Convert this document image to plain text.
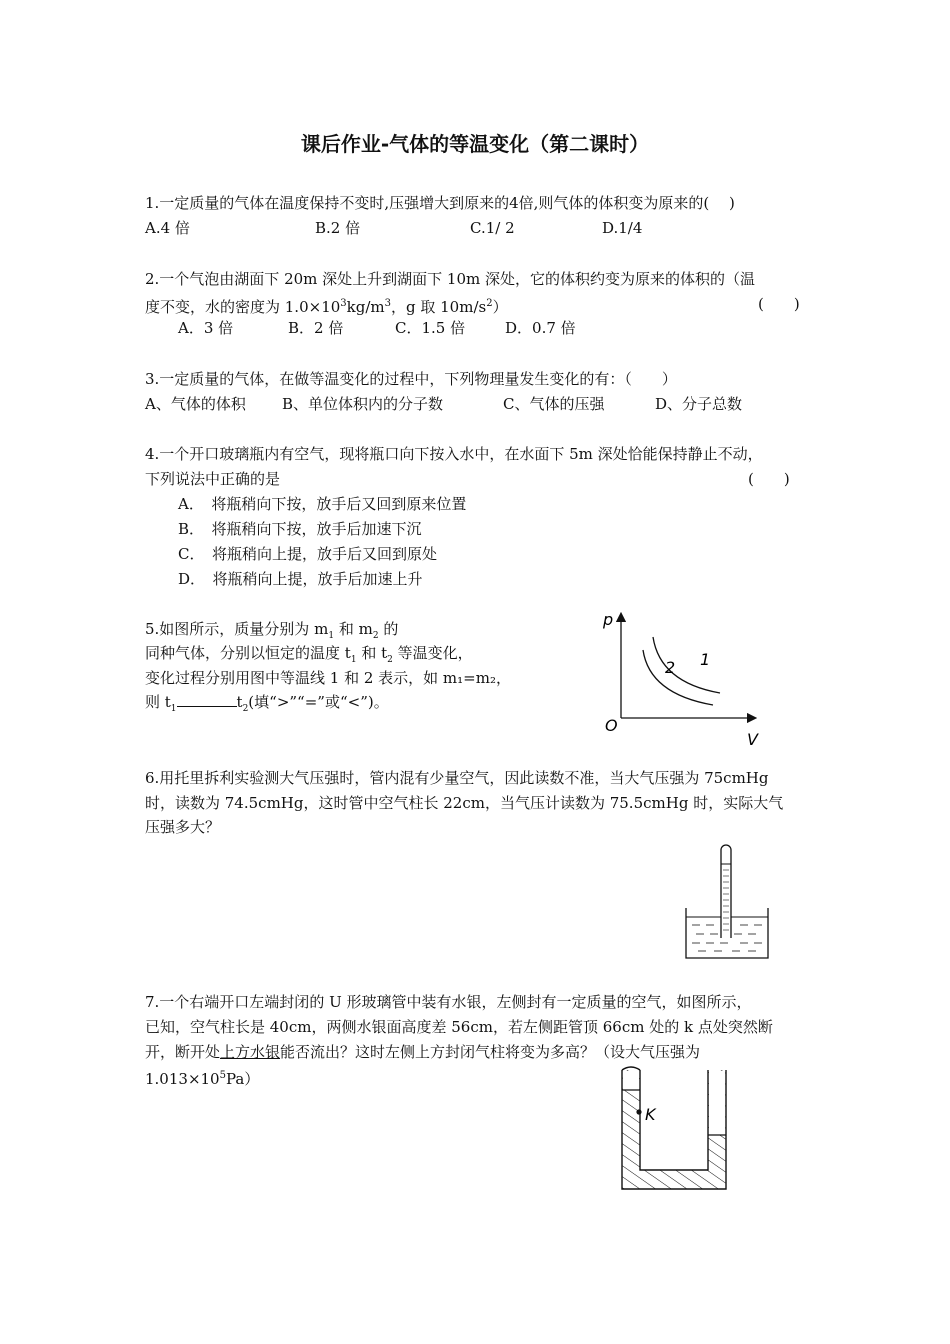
课后作业-气体的等温变化（第二课时）
1.一定质量的气体在温度保持不变时,压强增大到原来的4倍,则气体的体积变为原来的(　 )
A.4 倍	B.2 倍	C.1/ 2	D.1/4
2.一个气泡由湖面下 20m 深处上升到湖面下 10m 深处，它的体积约变为原来的体积的（温
度不变，水的密度为 $1.0\times 10^3kg/m^3$，g 取 $10m/s^2$）	(　　)
A．3 倍	B．2 倍	C．1.5 倍	D．0.7 倍
3.一定质量的气体，在做等温变化的过程中，下列物理量发生变化的有：（　　）
A、气体的体积 B、单位体积内的分子数	C、气体的压强	D、分子总数
4.一个开口玻璃瓶内有空气，现将瓶口向下按入水中，在水面下 5m 深处恰能保持静止不动，
下列说法中正确的是	(　　)
A．　将瓶稍向下按，放手后又回到原来位置
B．　将瓶稍向下按，放手后加速下沉
C．　将瓶稍向上提，放手后又回到原处
D．　将瓶稍向上提，放手后加速上升
5.如图所示，质量分别为 $m_1$ 和 $m_2$ 的
同种气体，分别以恒定的温度 $t_1$ 和 $t_2$ 等温变化，
变化过程分别用图中等温线 1 和 2 表示，如 m₁=m₂，
则 $t_1$	$t_2$(填“>”“=”或“<”)。
p
V
O
1
2
6.用托里拆利实验测大气压强时，管内混有少量空气，因此读数不准，当大气压强为 75cmHg
时，读数为 74.5cmHg，这时管中空气柱长 22cm，当气压计读数为 75.5cmHg 时，实际大气
压强多大？
7.一个右端开口左端封闭的 U 形玻璃管中装有水银，左侧封有一定质量的空气，如图所示，
已知，空气柱长是 40cm，两侧水银面高度差 56cm，若左侧距管顶 66cm 处的 k 点处突然断
开，断开处上方水银能否流出？这时左侧上方封闭气柱将变为多高？（设大气压强为
$1.013\times 10^5Pa$）
K
